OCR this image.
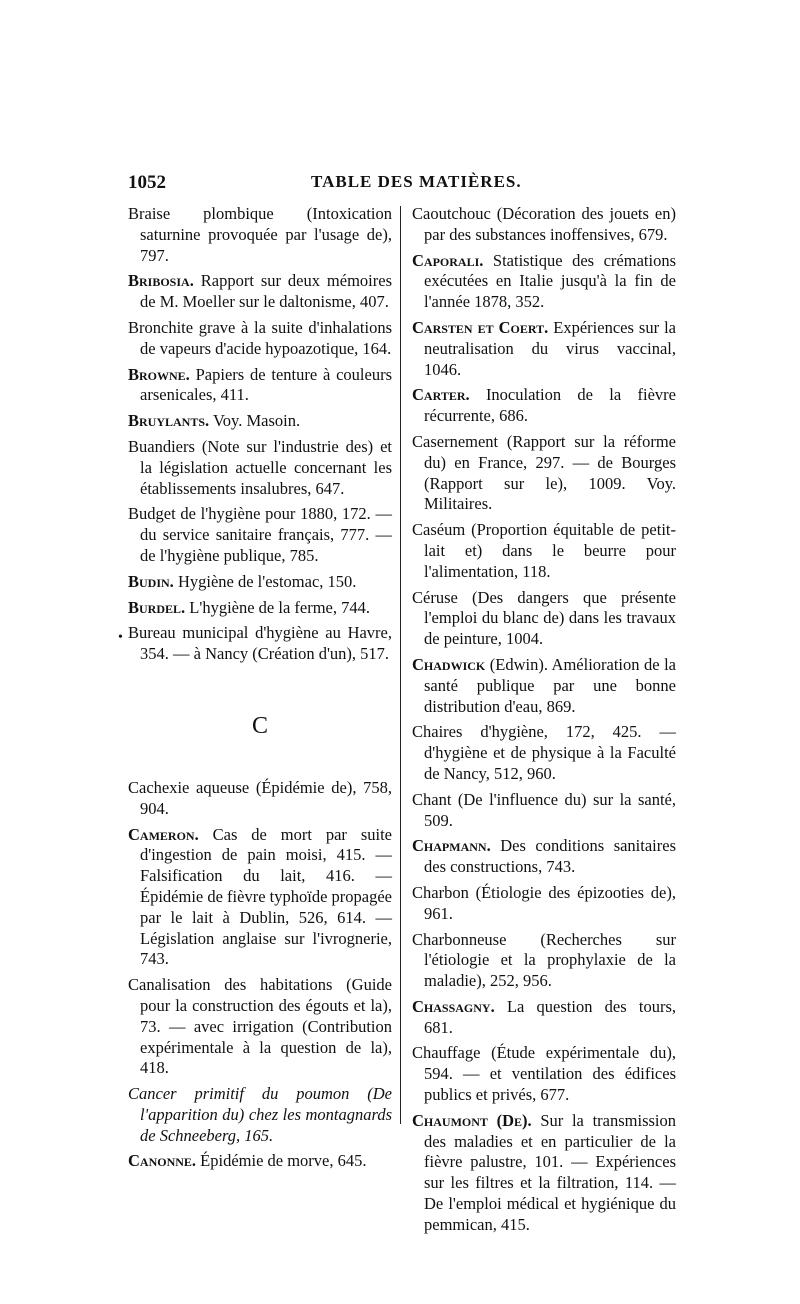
1052	TABLE DES MATIÈRES.
•

Braise plombique (Intoxication saturnine provoquée par l'usage de), 797.

Bribosia. Rapport sur deux mémoires de M. Moeller sur le daltonisme, 407.

Bronchite grave à la suite d'inhalations de vapeurs d'acide hypoazotique, 164.

Browne. Papiers de tenture à couleurs arsenicales, 411.

Bruylants. Voy. Masoin.

Buandiers (Note sur l'industrie des) et la législation actuelle concernant les établissements insalubres, 647.

Budget de l'hygiène pour 1880, 172. — du service sanitaire français, 777. — de l'hygiène publique, 785.

Budin. Hygiène de l'estomac, 150.

Burdel. L'hygiène de la ferme, 744.

Bureau municipal d'hygiène au Havre, 354. — à Nancy (Création d'un), 517.

C

Cachexie aqueuse (Épidémie de), 758, 904.

Cameron. Cas de mort par suite d'ingestion de pain moisi, 415. — Falsification du lait, 416. — Épidémie de fièvre typhoïde propagée par le lait à Dublin, 526, 614. — Législation anglaise sur l'ivrognerie, 743.

Canalisation des habitations (Guide pour la construction des égouts et la), 73. — avec irrigation (Contribution expérimentale à la question de la), 418.

Cancer primitif du poumon (De l'apparition du) chez les montagnards de Schneeberg, 165.

Canonne. Épidémie de morve, 645.

Caoutchouc (Décoration des jouets en) par des substances inoffensives, 679.

Caporali. Statistique des crémations exécutées en Italie jusqu'à la fin de l'année 1878, 352.

Carsten et Coert. Expériences sur la neutralisation du virus vaccinal, 1046.

Carter. Inoculation de la fièvre récurrente, 686.

Casernement (Rapport sur la réforme du) en France, 297. — de Bourges (Rapport sur le), 1009. Voy. Militaires.

Caséum (Proportion équitable de petit-lait et) dans le beurre pour l'alimentation, 118.

Céruse (Des dangers que présente l'emploi du blanc de) dans les travaux de peinture, 1004.

Chadwick (Edwin). Amélioration de la santé publique par une bonne distribution d'eau, 869.

Chaires d'hygiène, 172, 425. — d'hygiène et de physique à la Faculté de Nancy, 512, 960.

Chant (De l'influence du) sur la santé, 509.

Chapmann. Des conditions sanitaires des constructions, 743.

Charbon (Étiologie des épizooties de), 961.

Charbonneuse (Recherches sur l'étiologie et la prophylaxie de la maladie), 252, 956.

Chassagny. La question des tours, 681.

Chauffage (Étude expérimentale du), 594. — et ventilation des édifices publics et privés, 677.

Chaumont (De). Sur la transmission des maladies et en particulier de la fièvre palustre, 101. — Expériences sur les filtres et la filtration, 114. — De l'emploi médical et hygiénique du pemmican, 415.
